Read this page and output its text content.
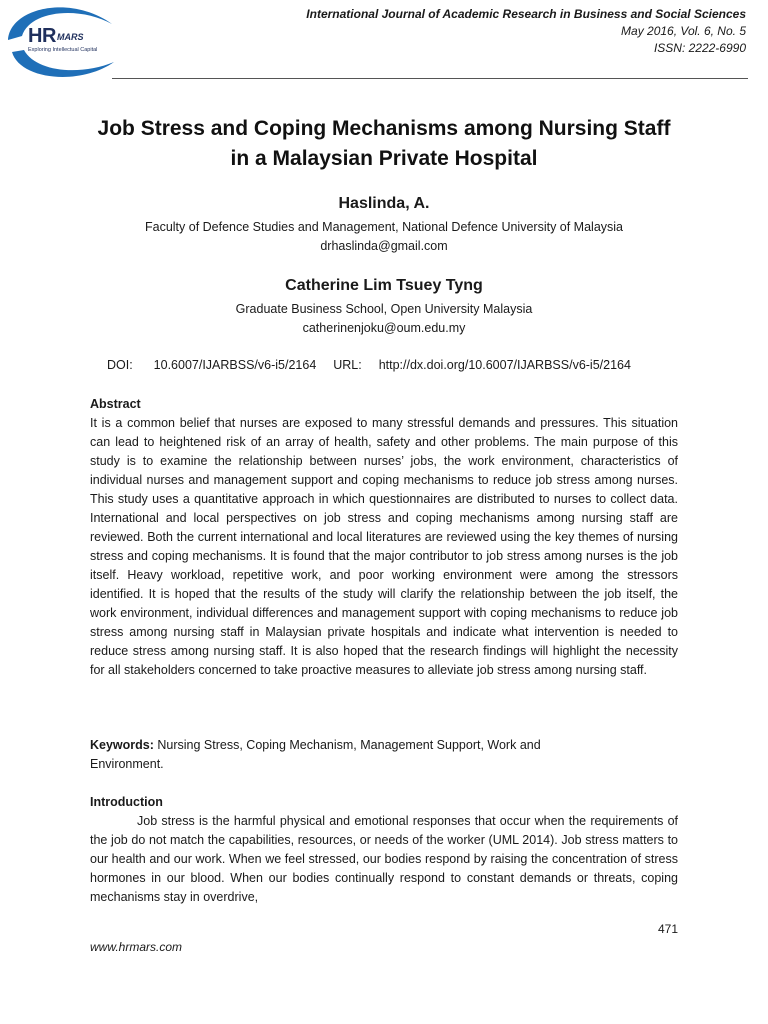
HR MARS
Exploring Intellectual Capital
International Journal of Academic Research in Business and Social Sciences
May 2016, Vol. 6, No. 5
ISSN: 2222-6990
Job Stress and Coping Mechanisms among Nursing Staff
in a Malaysian Private Hospital
Haslinda, A.
Faculty of Defence Studies and Management, National Defence University of Malaysia
drhaslinda@gmail.com
Catherine Lim Tsuey Tyng
Graduate Business School, Open University Malaysia
catherinenjoku@oum.edu.my
DOI: 10.6007/IJARBSS/v6-i5/2164 URL: http://dx.doi.org/10.6007/IJARBSS/v6-i5/2164
Abstract

It is a common belief that nurses are exposed to many stressful demands and pressures. This situation can lead to heightened risk of an array of health, safety and other problems. The main purpose of this study is to examine the relationship between nurses’ jobs, the work environment, characteristics of individual nurses and management support and coping mechanisms to reduce job stress among nurses. This study uses a quantitative approach in which questionnaires are distributed to nurses to collect data. International and local perspectives on job stress and coping mechanisms among nursing staff are reviewed. Both the current international and local literatures are reviewed using the key themes of nursing stress and coping mechanisms. It is found that the major contributor to job stress among nurses is the job itself. Heavy workload, repetitive work, and poor working environment were among the stressors identified. It is hoped that the results of the study will clarify the relationship between the job itself, the work environment, individual differences and management support with coping mechanisms to reduce job stress among nursing staff in Malaysian private hospitals and indicate what intervention is needed to reduce stress among nursing staff. It is also hoped that the research findings will highlight the necessity for all stakeholders concerned to take proactive measures to alleviate job stress among nursing staff.

Keywords: Nursing Stress, Coping Mechanism, Management Support, Work and
Environment.
Introduction

Job stress is the harmful physical and emotional responses that occur when the requirements of the job do not match the capabilities, resources, or needs of the worker (UML 2014). Job stress matters to our health and our work. When we feel stressed, our bodies respond by raising the concentration of stress hormones in our blood. When our bodies continually respond to constant demands or threats, coping mechanisms stay in overdrive,

471
www.hrmars.com
